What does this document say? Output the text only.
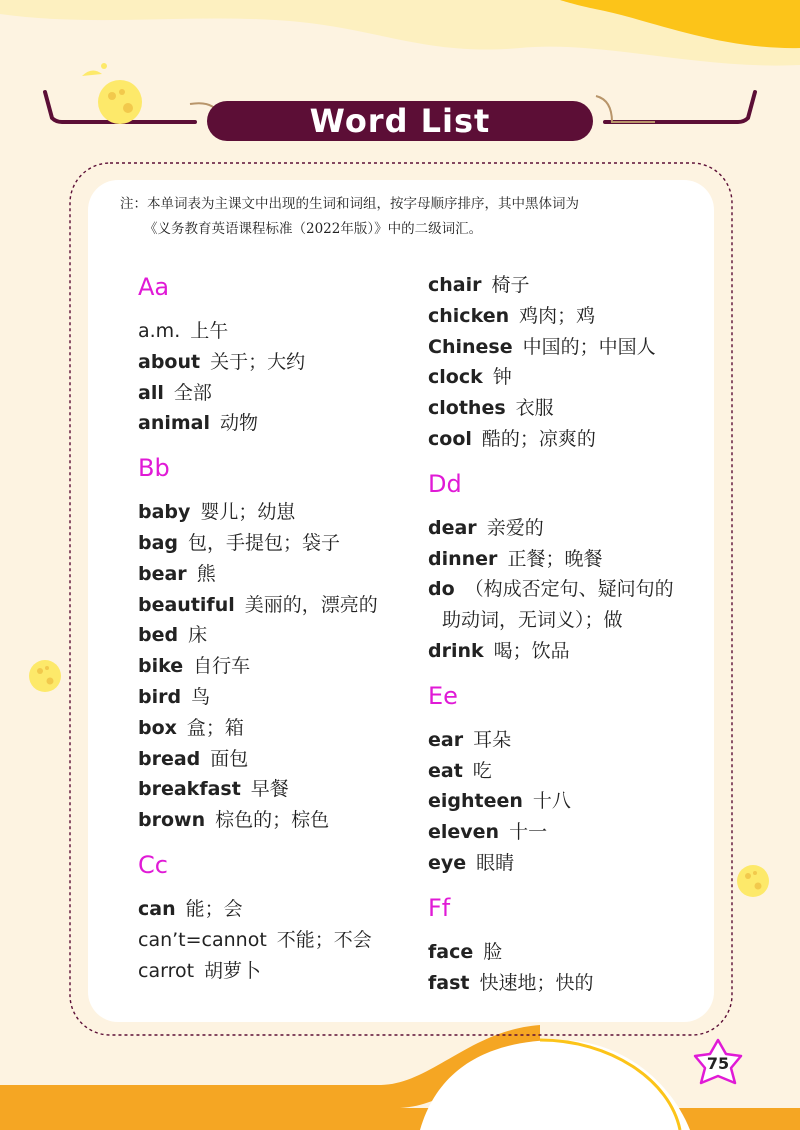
Word List
注：本单词表为主课文中出现的生词和词组，按字母顺序排序，其中黑体词为
《义务教育英语课程标准（2022年版）》中的二级词汇。
Aa
a.m. 上午
about 关于；大约
all 全部
animal 动物
Bb
baby 婴儿；幼崽
bag 包，手提包；袋子
bear 熊
beautiful 美丽的，漂亮的
bed 床
bike 自行车
bird 鸟
box 盒；箱
bread 面包
breakfast 早餐
brown 棕色的；棕色
Cc
can 能；会
can’t=cannot 不能；不会
carrot 胡萝卜
chair 椅子
chicken 鸡肉；鸡
Chinese 中国的；中国人
clock 钟
clothes 衣服
cool 酷的；凉爽的
Dd
dear 亲爱的
dinner 正餐；晚餐
do （构成否定句、疑问句的
助动词，无词义）；做
drink 喝；饮品
Ee
ear 耳朵
eat 吃
eighteen 十八
eleven 十一
eye 眼睛
Ff
face 脸
fast 快速地；快的
75
